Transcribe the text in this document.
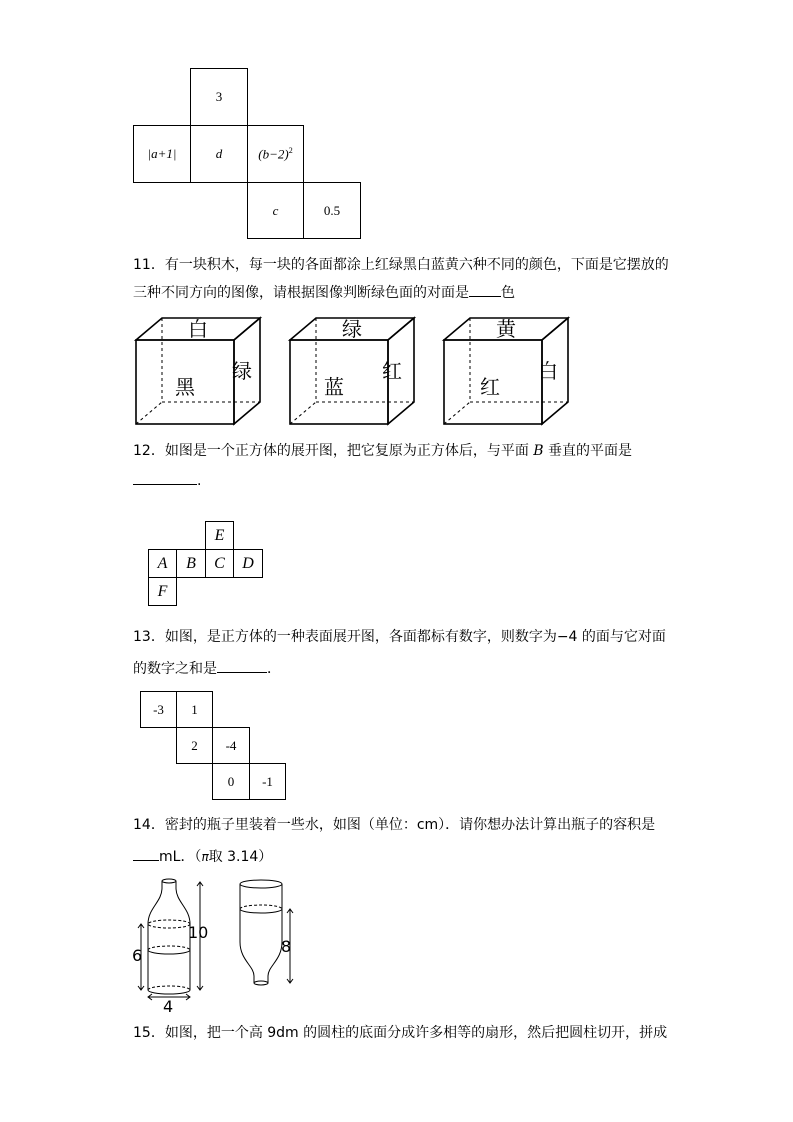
3
|a+1|	d	$(b-2)^2$
c	0.5
11．有一块积木，每一块的各面都涂上红绿黑白蓝黄六种不同的颜色，下面是它摆放的
三种不同方向的图像，请根据图像判断绿色面的对面是 色
白
黑
绿
绿
蓝
红
黄
红
白
12．如图是一个正方体的展开图，把它复原为正方体后，与平面 B 垂直的平面是
.
E
A B C D
F
13．如图，是正方体的一种表面展开图，各面都标有数字，则数字为−4 的面与它对面
的数字之和是	．
-3 1
2 -4
0 -1
14．密封的瓶子里装着一些水，如图（单位：cm）．请你想办法计算出瓶子的容积是
mL．（π取 3.14）
6
10
4
8
15．如图，把一个高 9dm 的圆柱的底面分成许多相等的扇形，然后把圆柱切开，拼成
